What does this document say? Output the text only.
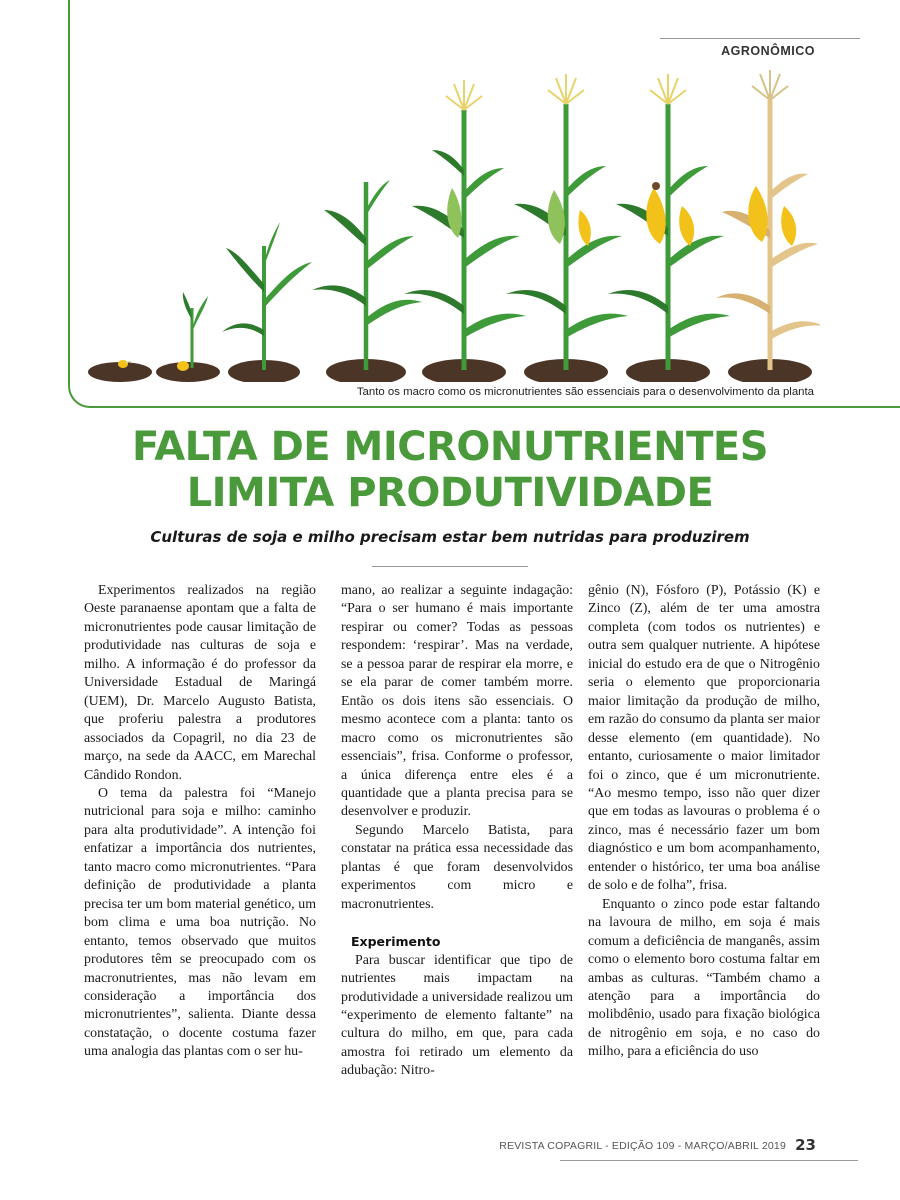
AGRONÔMICO
Tanto os macro como os micronutrientes são essenciais para o desenvolvimento da planta
FALTA DE MICRONUTRIENTES
LIMITA PRODUTIVIDADE
Culturas de soja e milho precisam estar bem nutridas para produzirem

Experimentos realizados na região Oeste paranaense apontam que a falta de micronutrientes pode causar limitação de produtividade nas culturas de soja e milho. A informação é do professor da Universidade Estadual de Maringá (UEM), Dr. Marcelo Augusto Batista, que proferiu palestra a produtores associados da Copagril, no dia 23 de março, na sede da AACC, em Marechal Cândido Rondon.

O tema da palestra foi “Manejo nutricional para soja e milho: caminho para alta produtividade”. A intenção foi enfatizar a importância dos nutrientes, tanto macro como micronutrientes. “Para definição de produtividade a planta precisa ter um bom material genético, um bom clima e uma boa nutrição. No entanto, temos observado que muitos produtores têm se preocupado com os macronutrientes, mas não levam em consideração a importância dos micronutrientes”, salienta. Diante dessa constatação, o docente costuma fazer uma analogia das plantas com o ser hu-

mano, ao realizar a seguinte indagação: “Para o ser humano é mais importante respirar ou comer? Todas as pessoas respondem: ‘respirar’. Mas na verdade, se a pessoa parar de respirar ela morre, e se ela parar de comer também morre. Então os dois itens são essenciais. O mesmo acontece com a planta: tanto os macro como os micronutrientes são essenciais”, frisa. Conforme o professor, a única diferença entre eles é a quantidade que a planta precisa para se desenvolver e produzir.

Segundo Marcelo Batista, para constatar na prática essa necessidade das plantas é que foram desenvolvidos experimentos com micro e macronutrientes.

Experimento

Para buscar identificar que tipo de nutrientes mais impactam na produtividade a universidade realizou um “experimento de elemento faltante” na cultura do milho, em que, para cada amostra foi retirado um elemento da adubação: Nitro-

gênio (N), Fósforo (P), Potássio (K) e Zinco (Z), além de ter uma amostra completa (com todos os nutrientes) e outra sem qualquer nutriente. A hipótese inicial do estudo era de que o Nitrogênio seria o elemento que proporcionaria maior limitação da produção de milho, em razão do consumo da planta ser maior desse elemento (em quantidade). No entanto, curiosamente o maior limitador foi o zinco, que é um micronutriente. “Ao mesmo tempo, isso não quer dizer que em todas as lavouras o problema é o zinco, mas é necessário fazer um bom diagnóstico e um bom acompanhamento, entender o histórico, ter uma boa análise de solo e de folha”, frisa.

Enquanto o zinco pode estar faltando na lavoura de milho, em soja é mais comum a deficiência de manganês, assim como o elemento boro costuma faltar em ambas as culturas. “Também chamo a atenção para a importância do molibdênio, usado para fixação biológica de nitrogênio em soja, e no caso do milho, para a eficiência do uso

REVISTA COPAGRIL - EDIÇÃO 109 - MARÇO/ABRIL 2019 23
